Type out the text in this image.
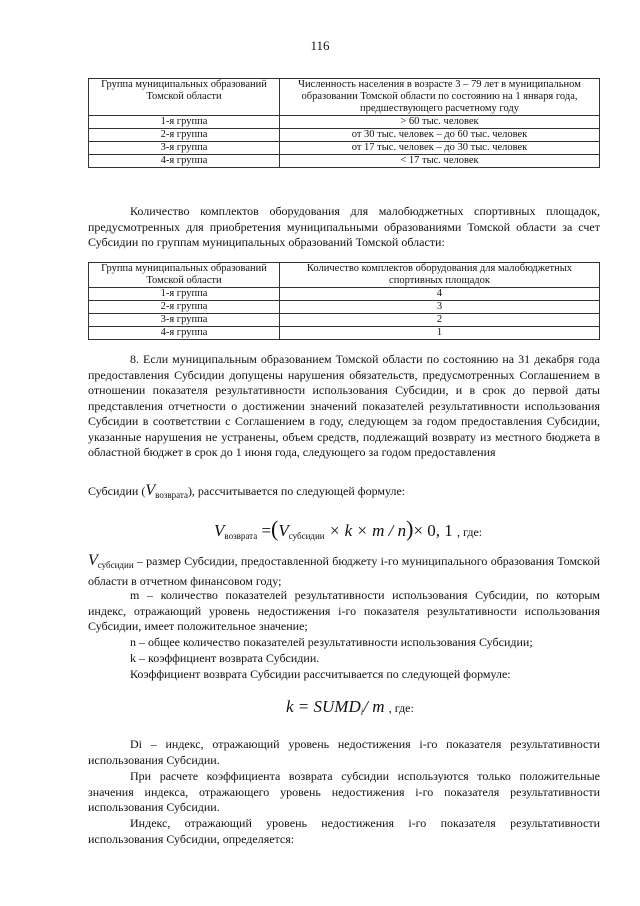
116
Группа муниципальных образований Томской области	Численность населения в возрасте 3 – 79 лет в муниципальном образовании Томской области по состоянию на 1 января года, предшествующего расчетному году
1-я группа	> 60 тыс. человек
2-я группа	от 30 тыс. человек – до 60 тыс. человек
3-я группа	от 17 тыс. человек – до 30 тыс. человек
4-я группа	< 17 тыс. человек

Количество комплектов оборудования для малобюджетных спортивных площадок, предусмотренных для приобретения муниципальными образованиями Томской области за счет Субсидии по группам муниципальных образований Томской области:

Группа муниципальных образований Томской области	Количество комплектов оборудования для малобюджетных спортивных площадок
1-я группа	4
2-я группа	3
3-я группа	2
4-я группа	1

8. Если муниципальным образованием Томской области по состоянию на 31 декабря года предоставления Субсидии допущены нарушения обязательств, предусмотренных Соглашением в отношении показателя результативности использования Субсидии, и в срок до первой даты представления отчетности о достижении значений показателей результативности использования Субсидии в соответствии с Соглашением в году, следующем за годом предоставления Субсидии, указанные нарушения не устранены, объем средств, подлежащий возврату из местного бюджета в областной бюджет в срок до 1 июня года, следующего за годом предоставления

Субсидии $(V_{возврата})$, рассчитывается по следующей формуле:

$V_{возврата} =(V_{субсидии} \times k \times m / n)\times 0$, 1 , где:

$V_{субсидии}$ – размер Субсидии, предоставленной бюджету i-го муниципального образования Томской области в отчетном финансовом году;

m – количество показателей результативности использования Субсидии, по которым индекс, отражающий уровень недостижения i-го показателя результативности использования Субсидии, имеет положительное значение;

n – общее количество показателей результативности использования Субсидии;

k – коэффициент возврата Субсидии.

Коэффициент возврата Субсидии рассчитывается по следующей формуле:

$k = SUMD_i/$ m , где:

Di – индекс, отражающий уровень недостижения i-го показателя результативности использования Субсидии.

При расчете коэффициента возврата субсидии используются только положительные значения индекса, отражающего уровень недостижения i-го показателя результативности использования Субсидии.

Индекс, отражающий уровень недостижения i-го показателя результативности использования Субсидии, определяется:
